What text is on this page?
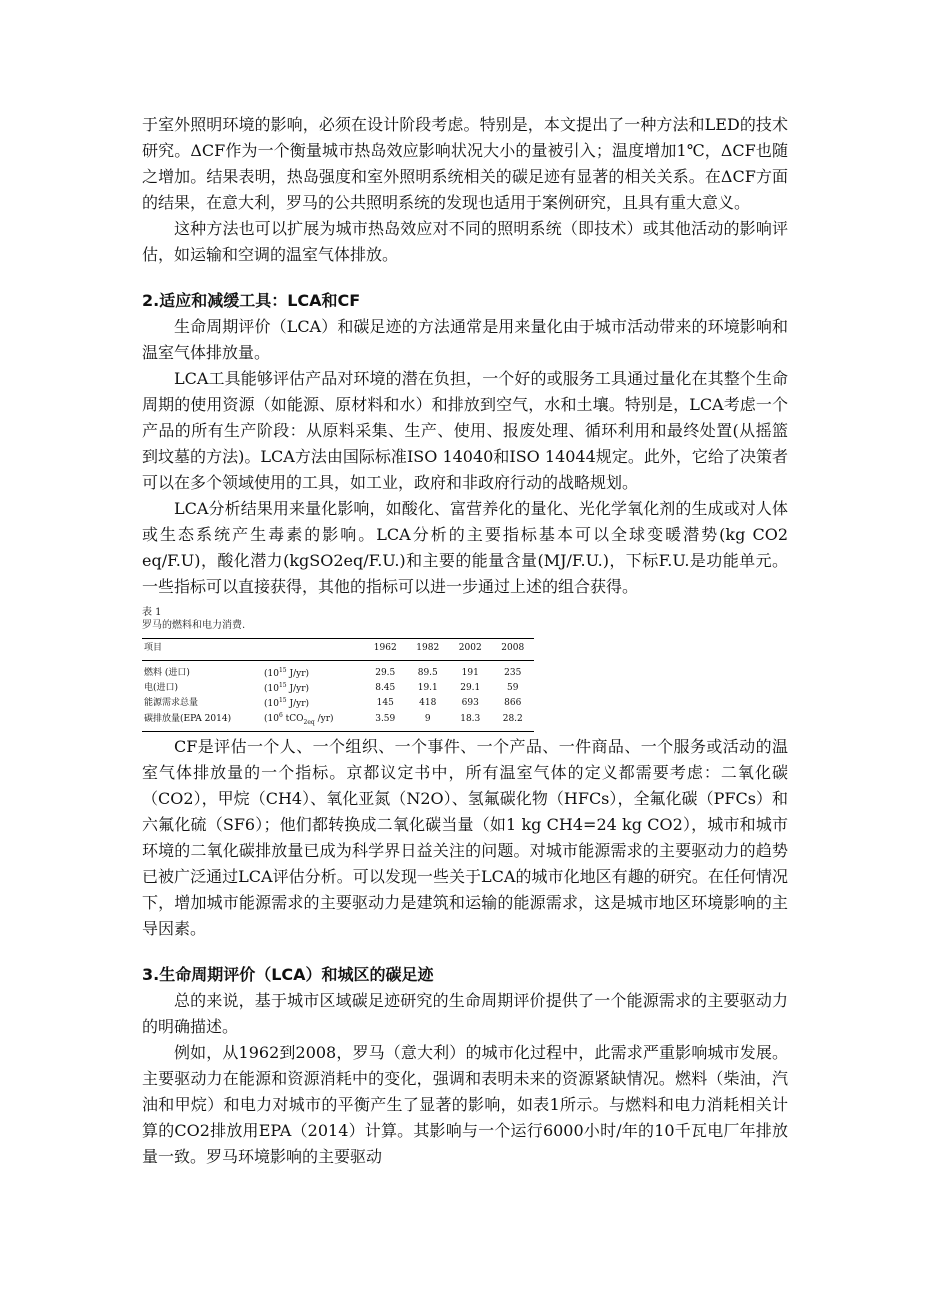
于室外照明环境的影响，必须在设计阶段考虑。特别是，本文提出了一种方法和LED的技术研究。ΔCF作为一个衡量城市热岛效应影响状况大小的量被引入；温度增加1℃，ΔCF也随之增加。结果表明，热岛强度和室外照明系统相关的碳足迹有显著的相关关系。在ΔCF方面的结果，在意大利，罗马的公共照明系统的发现也适用于案例研究，且具有重大意义。

这种方法也可以扩展为城市热岛效应对不同的照明系统（即技术）或其他活动的影响评估，如运输和空调的温室气体排放。

2.适应和减缓工具：LCA和CF

生命周期评价（LCA）和碳足迹的方法通常是用来量化由于城市活动带来的环境影响和温室气体排放量。

LCA工具能够评估产品对环境的潜在负担，一个好的或服务工具通过量化在其整个生命周期的使用资源（如能源、原材料和水）和排放到空气，水和土壤。特别是，LCA考虑一个产品的所有生产阶段：从原料采集、生产、使用、报废处理、循环利用和最终处置(从摇篮到坟墓的方法)。LCA方法由国际标准ISO 14040和ISO 14044规定。此外，它给了决策者可以在多个领域使用的工具，如工业，政府和非政府行动的战略规划。

LCA分析结果用来量化影响，如酸化、富营养化的量化、光化学氧化剂的生成或对人体或生态系统产生毒素的影响。LCA分析的主要指标基本可以全球变暖潜势(kg CO2 eq/F.U)，酸化潜力(kgSO2eq/F.U.)和主要的能量含量(MJ/F.U.)，下标F.U.是功能单元。一些指标可以直接获得，其他的指标可以进一步通过上述的组合获得。

表 1
罗马的燃料和电力消费.
项目		1962	1982	2002	2008
燃料 (进口)	($10^{15}$ J/yr)	29.5	89.5	191	235
电(进口)	($10^{15}$ J/yr)	8.45	19.1	29.1	59
能源需求总量	($10^{15}$ J/yr)	145	418	693	866
碳排放量(EPA 2014)	($10^6$ tCO$_{2eq}$ /yr)	3.59	9	18.3	28.2

CF是评估一个人、一个组织、一个事件、一个产品、一件商品、一个服务或活动的温室气体排放量的一个指标。京都议定书中，所有温室气体的定义都需要考虑：二氧化碳（CO2），甲烷（CH4）、氧化亚氮（N2O）、氢氟碳化物（HFCs），全氟化碳（PFCs）和六氟化硫（SF6）；他们都转换成二氧化碳当量（如1 kg CH4=24 kg CO2），城市和城市环境的二氧化碳排放量已成为科学界日益关注的问题。对城市能源需求的主要驱动力的趋势已被广泛通过LCA评估分析。可以发现一些关于LCA的城市化地区有趣的研究。在任何情况下，增加城市能源需求的主要驱动力是建筑和运输的能源需求，这是城市地区环境影响的主导因素。

3.生命周期评价（LCA）和城区的碳足迹

总的来说，基于城市区域碳足迹研究的生命周期评价提供了一个能源需求的主要驱动力的明确描述。

例如，从1962到2008，罗马（意大利）的城市化过程中，此需求严重影响城市发展。主要驱动力在能源和资源消耗中的变化，强调和表明未来的资源紧缺情况。燃料（柴油，汽油和甲烷）和电力对城市的平衡产生了显著的影响，如表1所示。与燃料和电力消耗相关计算的CO2排放用EPA（2014）计算。其影响与一个运行6000小时/年的10千瓦电厂年排放量一致。罗马环境影响的主要驱动
